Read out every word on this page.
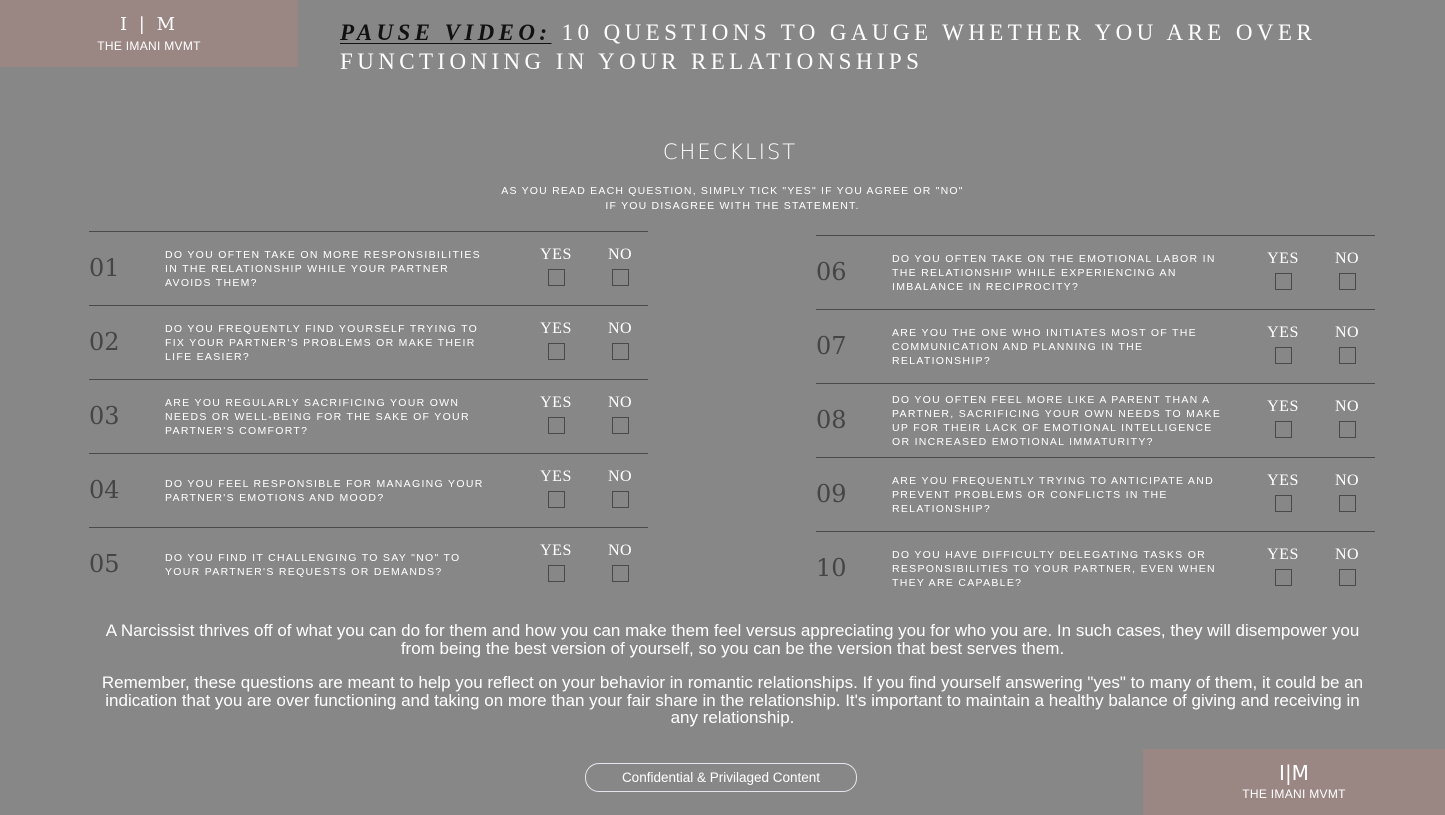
I | M
THE IMANI MVMT
PAUSE VIDEO: 10 QUESTIONS TO GAUGE WHETHER YOU ARE OVER FUNCTIONING IN YOUR RELATIONSHIPS
CHECKLIST
AS YOU READ EACH QUESTION, SIMPLY TICK "YES" IF YOU AGREE OR "NO"
IF YOU DISAGREE WITH THE STATEMENT.
01	DO YOU OFTEN TAKE ON MORE RESPONSIBILITIES IN THE RELATIONSHIP WHILE YOUR PARTNER AVOIDS THEM?
YES	NO
02	DO YOU FREQUENTLY FIND YOURSELF TRYING TO FIX YOUR PARTNER'S PROBLEMS OR MAKE THEIR LIFE EASIER?
YES	NO
03	ARE YOU REGULARLY SACRIFICING YOUR OWN NEEDS OR WELL-BEING FOR THE SAKE OF YOUR PARTNER'S COMFORT?
YES	NO
04	DO YOU FEEL RESPONSIBLE FOR MANAGING YOUR PARTNER'S EMOTIONS AND MOOD?
YES	NO
05	DO YOU FIND IT CHALLENGING TO SAY "NO" TO YOUR PARTNER'S REQUESTS OR DEMANDS?
YES	NO
06	DO YOU OFTEN TAKE ON THE EMOTIONAL LABOR IN THE RELATIONSHIP WHILE EXPERIENCING AN IMBALANCE IN RECIPROCITY?
YES	NO
07	ARE YOU THE ONE WHO INITIATES MOST OF THE COMMUNICATION AND PLANNING IN THE RELATIONSHIP?
YES	NO
08
DO YOU OFTEN FEEL MORE LIKE A PARENT THAN A PARTNER, SACRIFICING YOUR OWN NEEDS TO MAKE UP FOR THEIR LACK OF EMOTIONAL INTELLIGENCE OR INCREASED EMOTIONAL IMMATURITY?
YES	NO
09	ARE YOU FREQUENTLY TRYING TO ANTICIPATE AND PREVENT PROBLEMS OR CONFLICTS IN THE RELATIONSHIP?
YES	NO
10	DO YOU HAVE DIFFICULTY DELEGATING TASKS OR RESPONSIBILITIES TO YOUR PARTNER, EVEN WHEN THEY ARE CAPABLE?
YES	NO
A Narcissist thrives off of what you can do for them and how you can make them feel versus appreciating you for who you are. In such cases, they will disempower you from being the best version of yourself, so you can be the version that best serves them.
Remember, these questions are meant to help you reflect on your behavior in romantic relationships. If you find yourself answering "yes" to many of them, it could be an indication that you are over functioning and taking on more than your fair share in the relationship. It's important to maintain a healthy balance of giving and receiving in any relationship.
Confidential & Privilaged Content	I|M
THE IMANI MVMT
